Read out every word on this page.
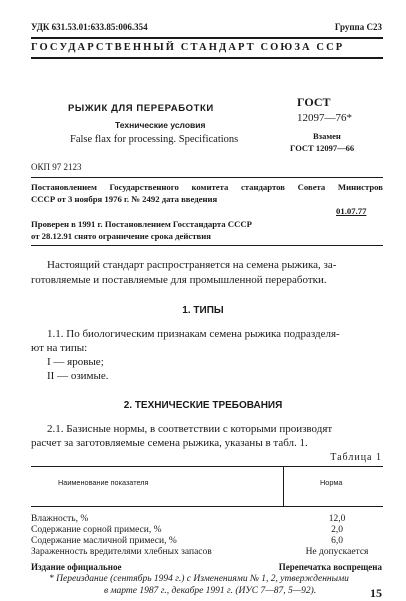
УДК 631.53.01:633.85:006.354	Группа С23
ГОСУДАРСТВЕННЫЙ СТАНДАРТ СОЮЗА ССР
РЫЖИК ДЛЯ ПЕРЕРАБОТКИ
Технические условия
False flax for processing. Specifications
ГОСТ
12097—76*
Взамен
ГОСТ 12097—66
ОКП 97 2123
Постановлением Государственного комитета стандартов Совета Министров
СССР от 3 ноября 1976 г. № 2492 дата введения
01.07.77
Проверен в 1991 г. Постановлением Госстандарта СССР
от 28.12.91 снято ограничение срока действия
Настоящий стандарт распространяется на семена рыжика, за-
готовляемые и поставляемые для промышленной переработки.
1. ТИПЫ
1.1. По биологическим признакам семена рыжика подразделя-
ют на типы:
I — яровые;
II — озимые.
2. ТЕХНИЧЕСКИЕ ТРЕБОВАНИЯ
2.1. Базисные нормы, в соответствии с которыми производят
расчет за заготовляемые семена рыжика, указаны в табл. 1.
Таблица 1
Наименование показателя	Норма
Влажность, %	12,0
Содержание сорной примеси, %	2,0
Содержание масличной примеси, %	6,0
Зараженность вредителями хлебных запасов	Не допускается
Издание официальное	Перепечатка воспрещена
* Переиздание (сентябрь 1994 г.) с Изменениями № 1, 2, утвержденными
в марте 1987 г., декабре 1991 г. (ИУС 7—87, 5—92).	15
